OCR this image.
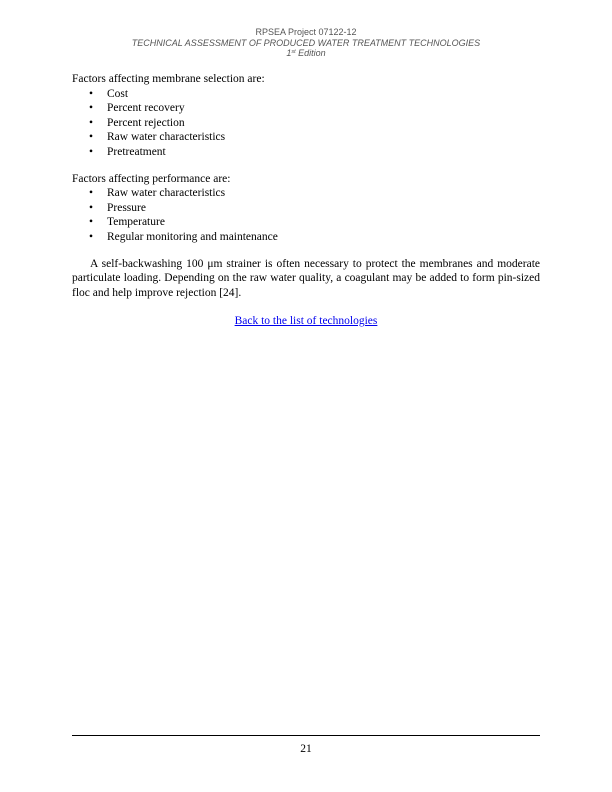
RPSEA Project 07122-12
TECHNICAL ASSESSMENT OF PRODUCED WATER TREATMENT TECHNOLOGIES
1st Edition

Factors affecting membrane selection are:

• Cost
• Percent recovery
• Percent rejection
• Raw water characteristics
• Pretreatment

Factors affecting performance are:

• Raw water characteristics
• Pressure
• Temperature
• Regular monitoring and maintenance

A self-backwashing 100 μm strainer is often necessary to protect the membranes and moderate particulate loading. Depending on the raw water quality, a coagulant may be added to form pin-sized floc and help improve rejection [24].

Back to the list of technologies
21
